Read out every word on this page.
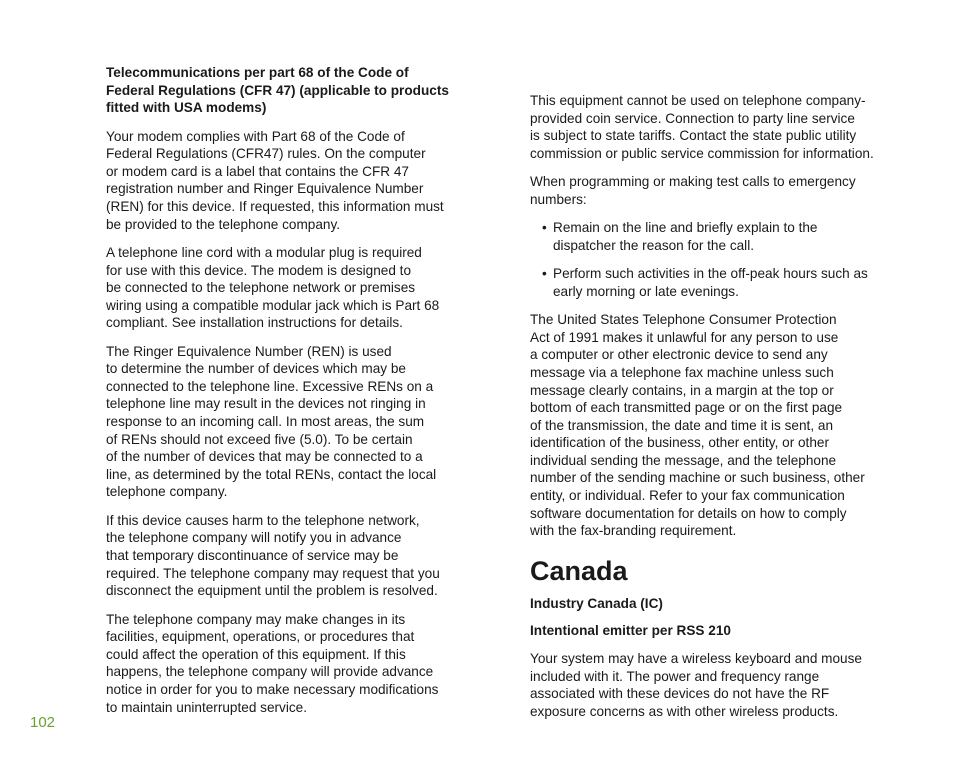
Telecommunications per part 68 of the Code of
Federal Regulations (CFR 47) (applicable to products
fitted with USA modems)

Your modem complies with Part 68 of the Code of
Federal Regulations (CFR47) rules. On the computer
or modem card is a label that contains the CFR 47
registration number and Ringer Equivalence Number
(REN) for this device. If requested, this information must
be provided to the telephone company.

A telephone line cord with a modular plug is required
for use with this device. The modem is designed to
be connected to the telephone network or premises
wiring using a compatible modular jack which is Part 68
compliant. See installation instructions for details.

The Ringer Equivalence Number (REN) is used
to determine the number of devices which may be
connected to the telephone line. Excessive RENs on a
telephone line may result in the devices not ringing in
response to an incoming call. In most areas, the sum
of RENs should not exceed five (5.0). To be certain
of the number of devices that may be connected to a
line, as determined by the total RENs, contact the local
telephone company.

If this device causes harm to the telephone network,
the telephone company will notify you in advance
that temporary discontinuance of service may be
required. The telephone company may request that you
disconnect the equipment until the problem is resolved.

The telephone company may make changes in its
facilities, equipment, operations, or procedures that
could affect the operation of this equipment. If this
happens, the telephone company will provide advance
notice in order for you to make necessary modifications
to maintain uninterrupted service.

This equipment cannot be used on telephone company-
provided coin service. Connection to party line service
is subject to state tariffs. Contact the state public utility
commission or public service commission for information.

When programming or making test calls to emergency
numbers:

• Remain on the line and briefly explain to the
dispatcher the reason for the call.
• Perform such activities in the off-peak hours such as
early morning or late evenings.

The United States Telephone Consumer Protection
Act of 1991 makes it unlawful for any person to use
a computer or other electronic device to send any
message via a telephone fax machine unless such
message clearly contains, in a margin at the top or
bottom of each transmitted page or on the first page
of the transmission, the date and time it is sent, an
identification of the business, other entity, or other
individual sending the message, and the telephone
number of the sending machine or such business, other
entity, or individual. Refer to your fax communication
software documentation for details on how to comply
with the fax-branding requirement.

Canada
Industry Canada (IC)
Intentional emitter per RSS 210

Your system may have a wireless keyboard and mouse
included with it. The power and frequency range
associated with these devices do not have the RF
exposure concerns as with other wireless products.

102
